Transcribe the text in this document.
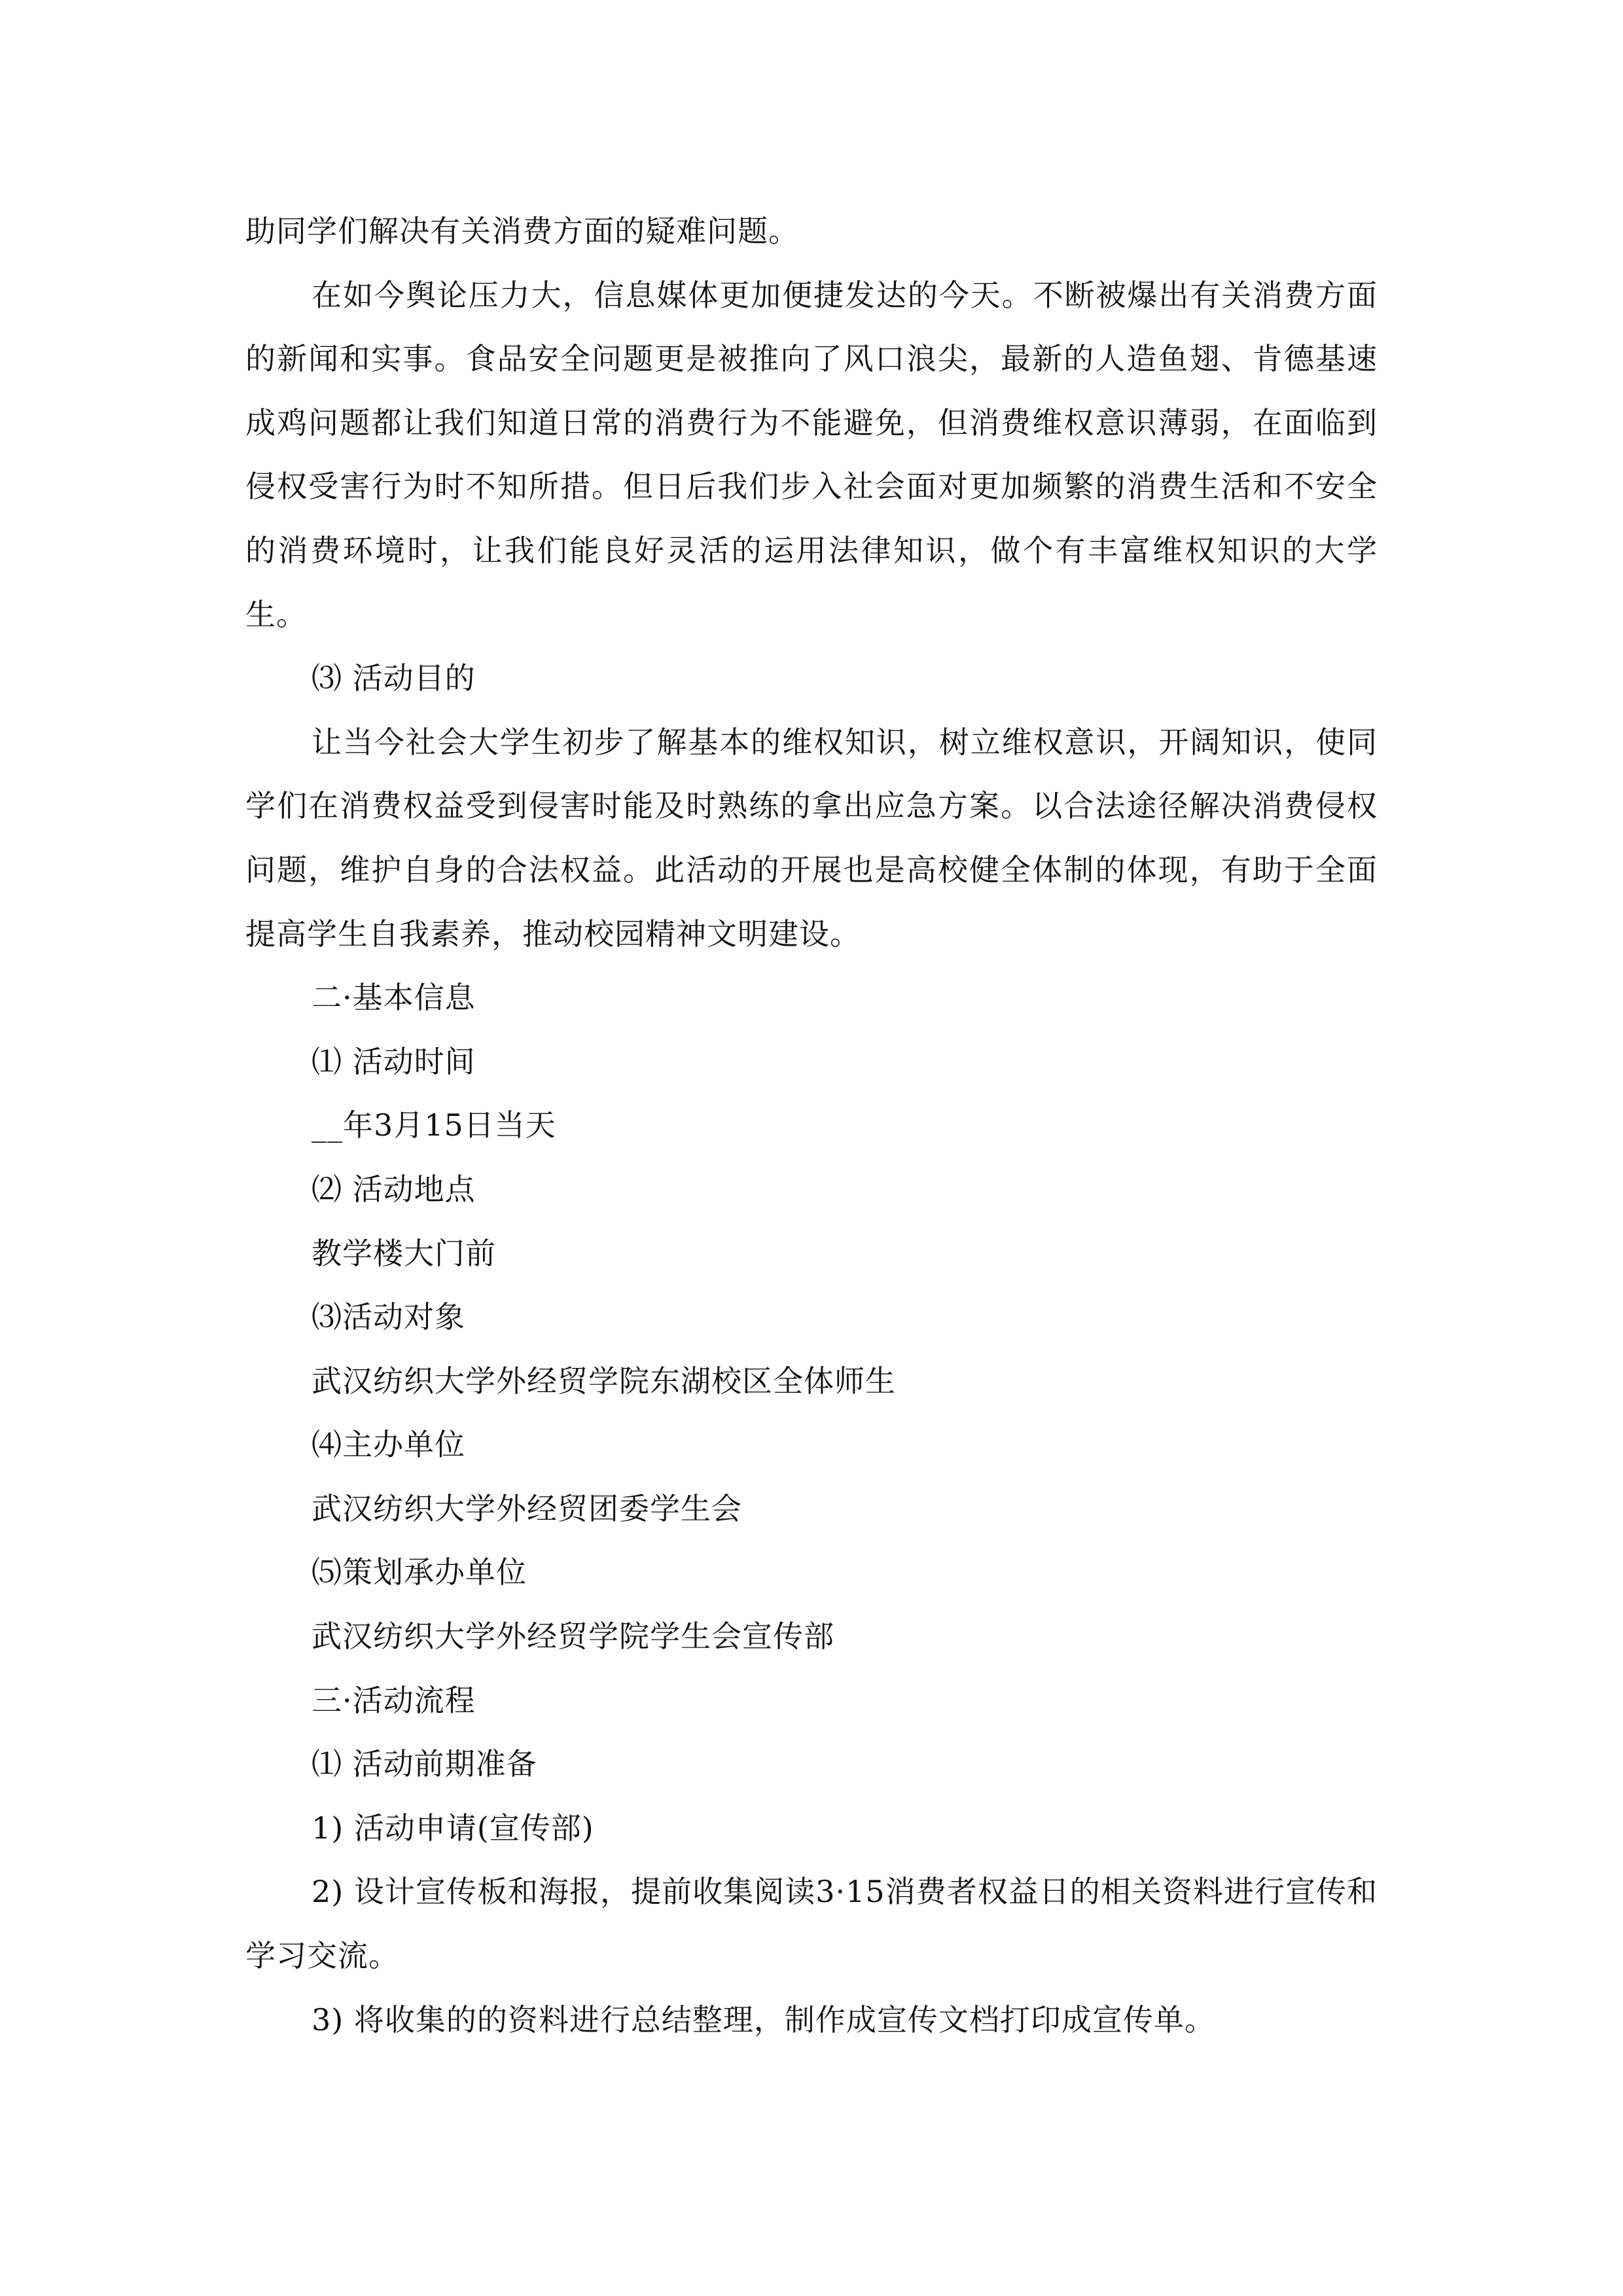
助同学们解决有关消费方面的疑难问题。

在如今舆论压力大，信息媒体更加便捷发达的今天。不断被爆出有关消费方面的新闻和实事。食品安全问题更是被推向了风口浪尖，最新的人造鱼翅、肯德基速成鸡问题都让我们知道日常的消费行为不能避免，但消费维权意识薄弱，在面临到侵权受害行为时不知所措。但日后我们步入社会面对更加频繁的消费生活和不安全的消费环境时，让我们能良好灵活的运用法律知识，做个有丰富维权知识的大学生。

⑶ 活动目的

让当今社会大学生初步了解基本的维权知识，树立维权意识，开阔知识，使同学们在消费权益受到侵害时能及时熟练的拿出应急方案。以合法途径解决消费侵权问题，维护自身的合法权益。此活动的开展也是高校健全体制的体现，有助于全面提高学生自我素养，推动校园精神文明建设。

二·基本信息

⑴ 活动时间

__年3月15日当天

⑵ 活动地点

教学楼大门前

⑶活动对象

武汉纺织大学外经贸学院东湖校区全体师生

⑷主办单位

武汉纺织大学外经贸团委学生会

⑸策划承办单位

武汉纺织大学外经贸学院学生会宣传部

三·活动流程

⑴ 活动前期准备

1) 活动申请(宣传部)

2) 设计宣传板和海报，提前收集阅读3·15消费者权益日的相关资料进行宣传和学习交流。

3) 将收集的的资料进行总结整理，制作成宣传文档打印成宣传单。
